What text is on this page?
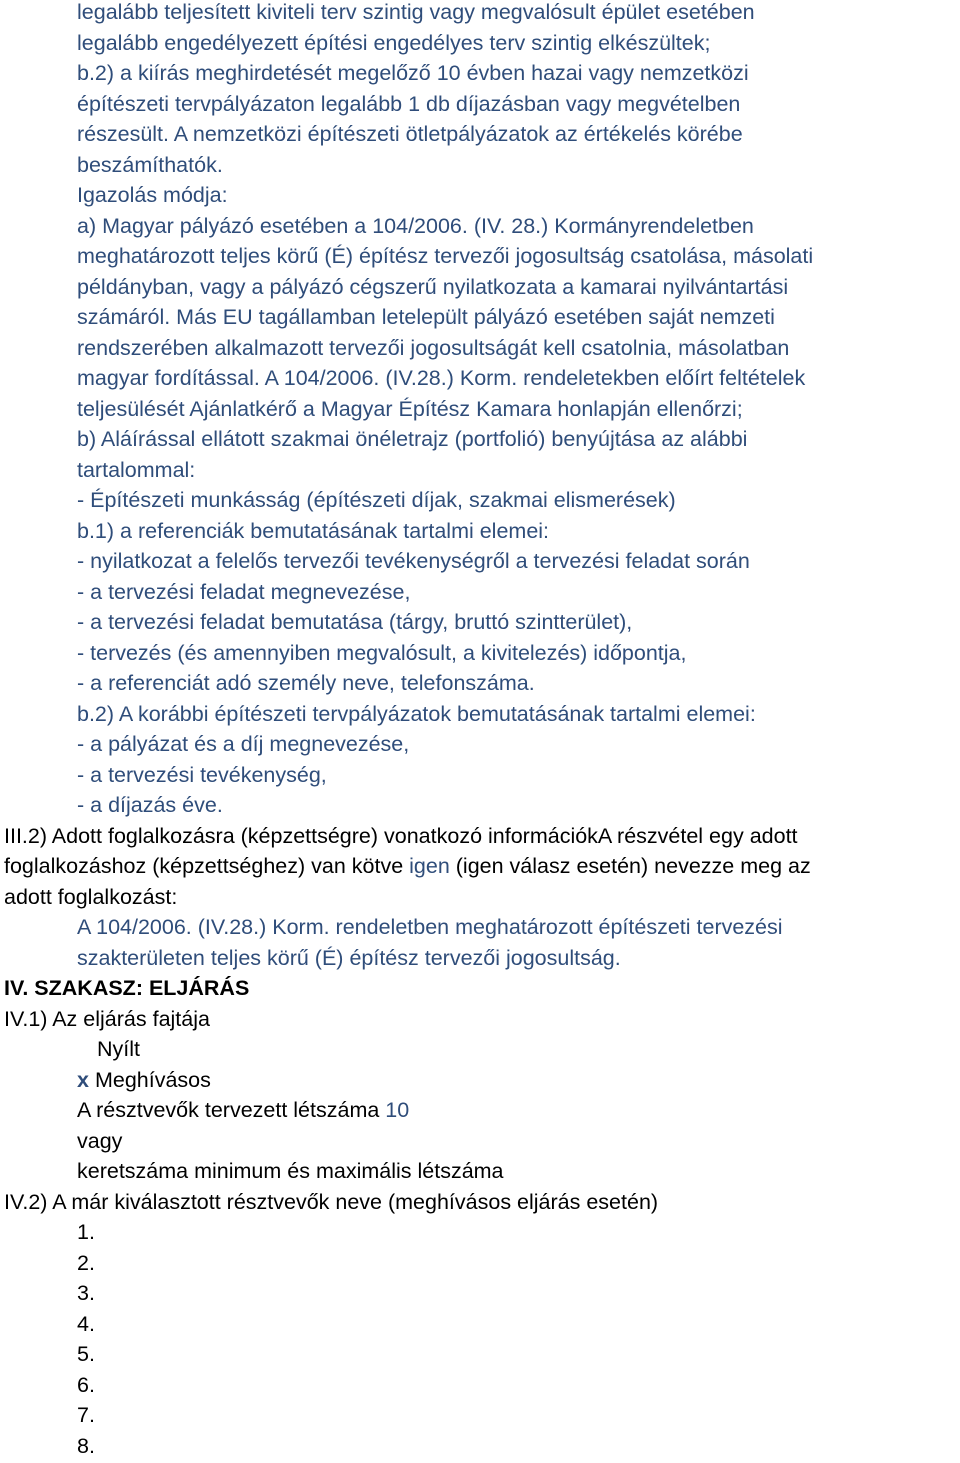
legalább teljesített kiviteli terv szintig vagy megvalósult épület esetében
legalább engedélyezett építési engedélyes terv szintig elkészültek;
b.2) a kiírás meghirdetését megelőző 10 évben hazai vagy nemzetközi
építészeti tervpályázaton legalább 1 db díjazásban vagy megvételben
részesült. A nemzetközi építészeti ötletpályázatok az értékelés körébe
beszámíthatók.
Igazolás módja:
a) Magyar pályázó esetében a 104/2006. (IV. 28.) Kormányrendeletben
meghatározott teljes körű (É) építész tervezői jogosultság csatolása, másolati
példányban, vagy a pályázó cégszerű nyilatkozata a kamarai nyilvántartási
számáról. Más EU tagállamban letelepült pályázó esetében saját nemzeti
rendszerében alkalmazott tervezői jogosultságát kell csatolnia, másolatban
magyar fordítással. A 104/2006. (IV.28.) Korm. rendeletekben előírt feltételek
teljesülését Ajánlatkérő a Magyar Építész Kamara honlapján ellenőrzi;
b) Aláírással ellátott szakmai önéletrajz (portfolió) benyújtása az alábbi
tartalommal:
- Építészeti munkásság (építészeti díjak, szakmai elismerések)
b.1) a referenciák bemutatásának tartalmi elemei:
- nyilatkozat a felelős tervezői tevékenységről a tervezési feladat során
- a tervezési feladat megnevezése,
- a tervezési feladat bemutatása (tárgy, bruttó szintterület),
- tervezés (és amennyiben megvalósult, a kivitelezés) időpontja,
- a referenciát adó személy neve, telefonszáma.
b.2) A korábbi építészeti tervpályázatok bemutatásának tartalmi elemei:
- a pályázat és a díj megnevezése,
- a tervezési tevékenység,
- a díjazás éve.
III.2) Adott foglalkozásra (képzettségre) vonatkozó információkA részvétel egy adott
foglalkozáshoz (képzettséghez) van kötve igen (igen válasz esetén) nevezze meg az
adott foglalkozást:
A 104/2006. (IV.28.) Korm. rendeletben meghatározott építészeti tervezési
szakterületen teljes körű (É) építész tervezői jogosultság.
IV. SZAKASZ: ELJÁRÁS
IV.1) Az eljárás fajtája
Nyílt
x Meghívásos
A résztvevők tervezett létszáma 10
vagy
keretszáma minimum és maximális létszáma
IV.2) A már kiválasztott résztvevők neve (meghívásos eljárás esetén)
1.
2.
3.
4.
5.
6.
7.
8.
